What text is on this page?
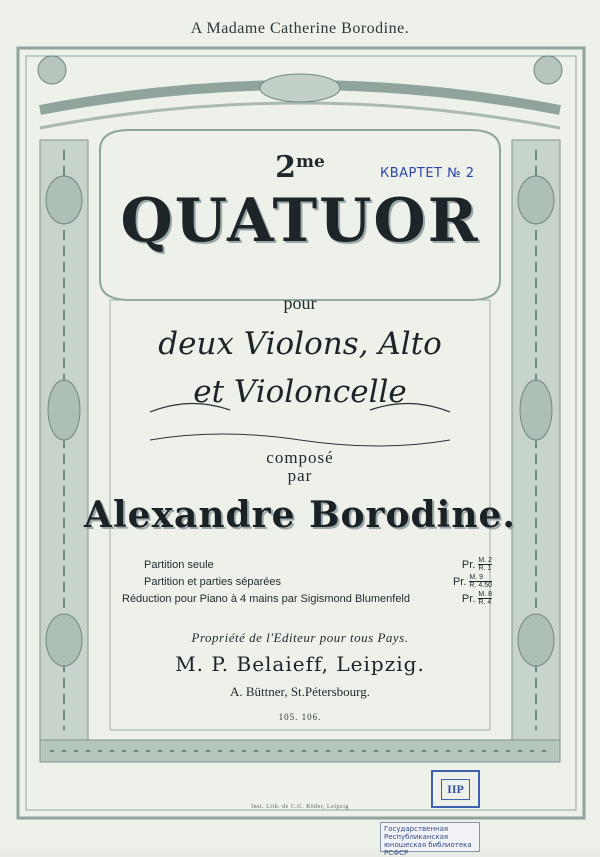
A Madame Catherine Borodine.
$2^{me}$
КВАРТЕТ № 2
QUATUOR
pour
deux Violons, Alto
et Violoncelle
composé
par
Alexandre Borodine.
Partition seule	Pr. $\frac{M. 2}{R. 1}$
Partition et parties séparées	Pr. $\frac{M. 9}{R. 4.50}$
Réduction pour Piano à 4 mains par Sigismond Blumenfeld	Pr. $\frac{M. 8}{R. 4}$
Propriété de l'Editeur pour tous Pays.
M. P. Belaieff, Leipzig.
A. Büttner, St.Pétersbourg.
105. 106.
Inst. Lith. de C.G. Röder, Leipzig
IIP
Государственная
Республиканская
юношеская библиотека РСФСР
